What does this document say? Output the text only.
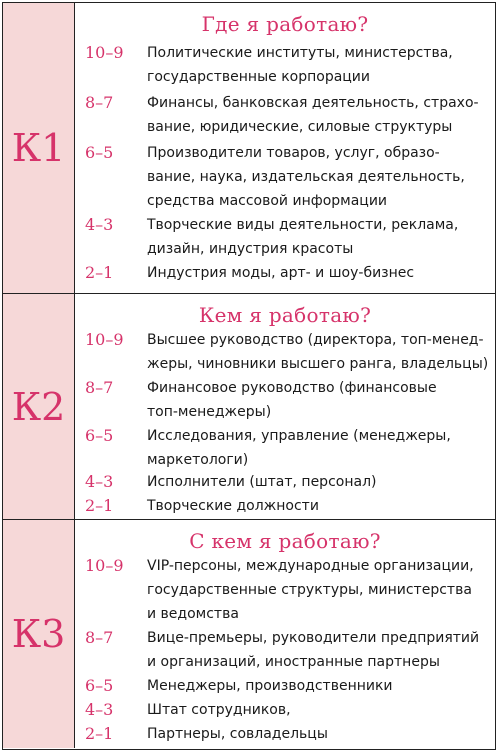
К1
Где я работаю?
10–9	Политические институты, министерства,
государственные корпорации
8–7	Финансы, банковская деятельность, страхо-
вание, юридические, силовые структуры
6–5	Производители товаров, услуг, образо-
вание, наука, издательская деятельность,
средства массовой информации
4–3	Творческие виды деятельности, реклама,
дизайн, индустрия красоты
2–1	Индустрия моды, арт- и шоу-бизнес
К2
Кем я работаю?
10–9	Высшее руководство (директора, топ-менед-
жеры, чиновники высшего ранга, владельцы)
8–7	Финансовое руководство (финансовые
топ-менеджеры)
6–5	Исследования, управление (менеджеры,
маркетологи)
4–3	Исполнители (штат, персонал)
2–1	Творческие должности
К3
С кем я работаю?
10–9	VIP-персоны, международные организации,
государственные структуры, министерства
и ведомства
8–7	Вице-премьеры, руководители предприятий
и организаций, иностранные партнеры
6–5	Менеджеры, производственники
4–3	Штат сотрудников,
2–1	Партнеры, совладельцы
